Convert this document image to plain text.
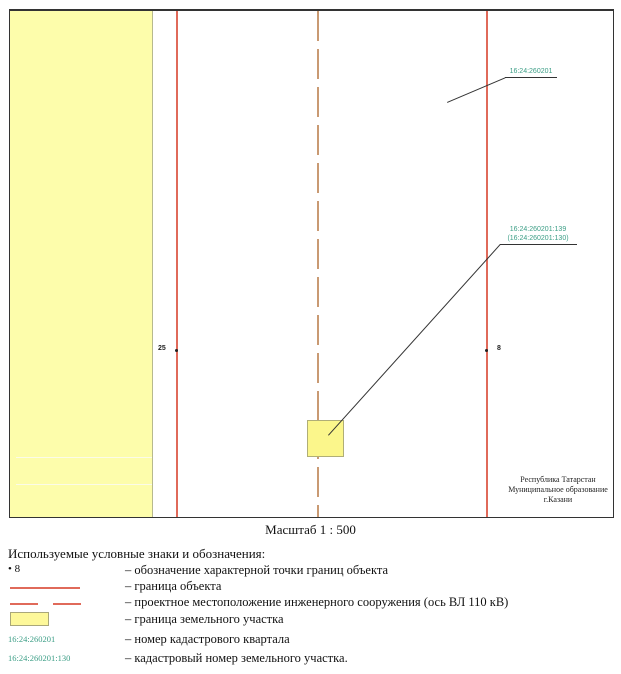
16:24:260201
16:24:260201:139
(16:24:260201:130)
25	8
Республика Татарстан
Муниципальное образование
г.Казани
Масштаб 1 : 500
Используемые условные знаки и обозначения:
• 8	– обозначение характерной точки границ объекта
– граница объекта
– проектное местоположение инженерного сооружения (ось ВЛ 110 кВ)
– граница земельного участка
16:24:260201	– номер кадастрового квартала
16:24:260201:130	– кадастровый номер земельного участка.
